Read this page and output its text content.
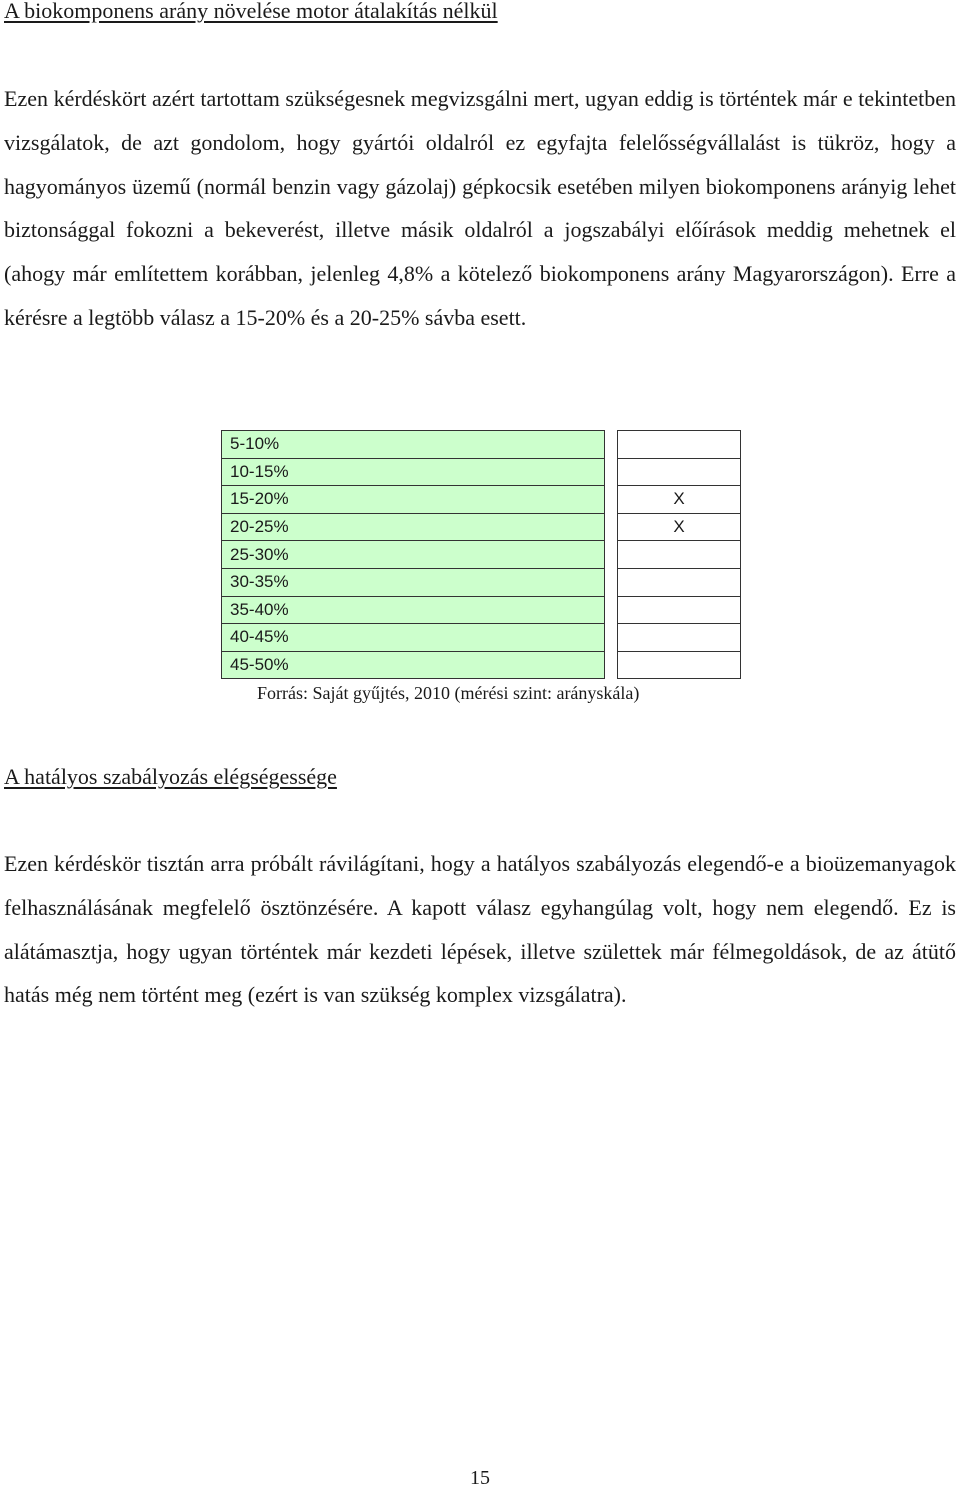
A biokomponens arány növelése motor átalakítás nélkül

Ezen kérdéskört azért tartottam szükségesnek megvizsgálni mert, ugyan eddig is történtek már e tekintetben vizsgálatok, de azt gondolom, hogy gyártói oldalról ez egyfajta felelősségvállalást is tükröz, hogy a hagyományos üzemű (normál benzin vagy gázolaj) gépkocsik esetében milyen biokomponens arányig lehet biztonsággal fokozni a bekeverést, illetve másik oldalról a jogszabályi előírások meddig mehetnek el (ahogy már említettem korábban, jelenleg 4,8% a kötelező biokomponens arány Magyarországon). Erre a kérésre a legtöbb válasz a 15-20% és a 20-25% sávba esett.

5-10%		
10-15%		
15-20%		X
20-25%		X
25-30%		
30-35%		
35-40%		
40-45%		
45-50%		
Forrás: Saját gyűjtés, 2010 (mérési szint: arányskála)
A hatályos szabályozás elégségessége

Ezen kérdéskör tisztán arra próbált rávilágítani, hogy a hatályos szabályozás elegendő-e a bioüzemanyagok felhasználásának megfelelő ösztönzésére. A kapott válasz egyhangúlag volt, hogy nem elegendő. Ez is alátámasztja, hogy ugyan történtek már kezdeti lépések, illetve születtek már félmegoldások, de az átütő hatás még nem történt meg (ezért is van szükség komplex vizsgálatra).

15
